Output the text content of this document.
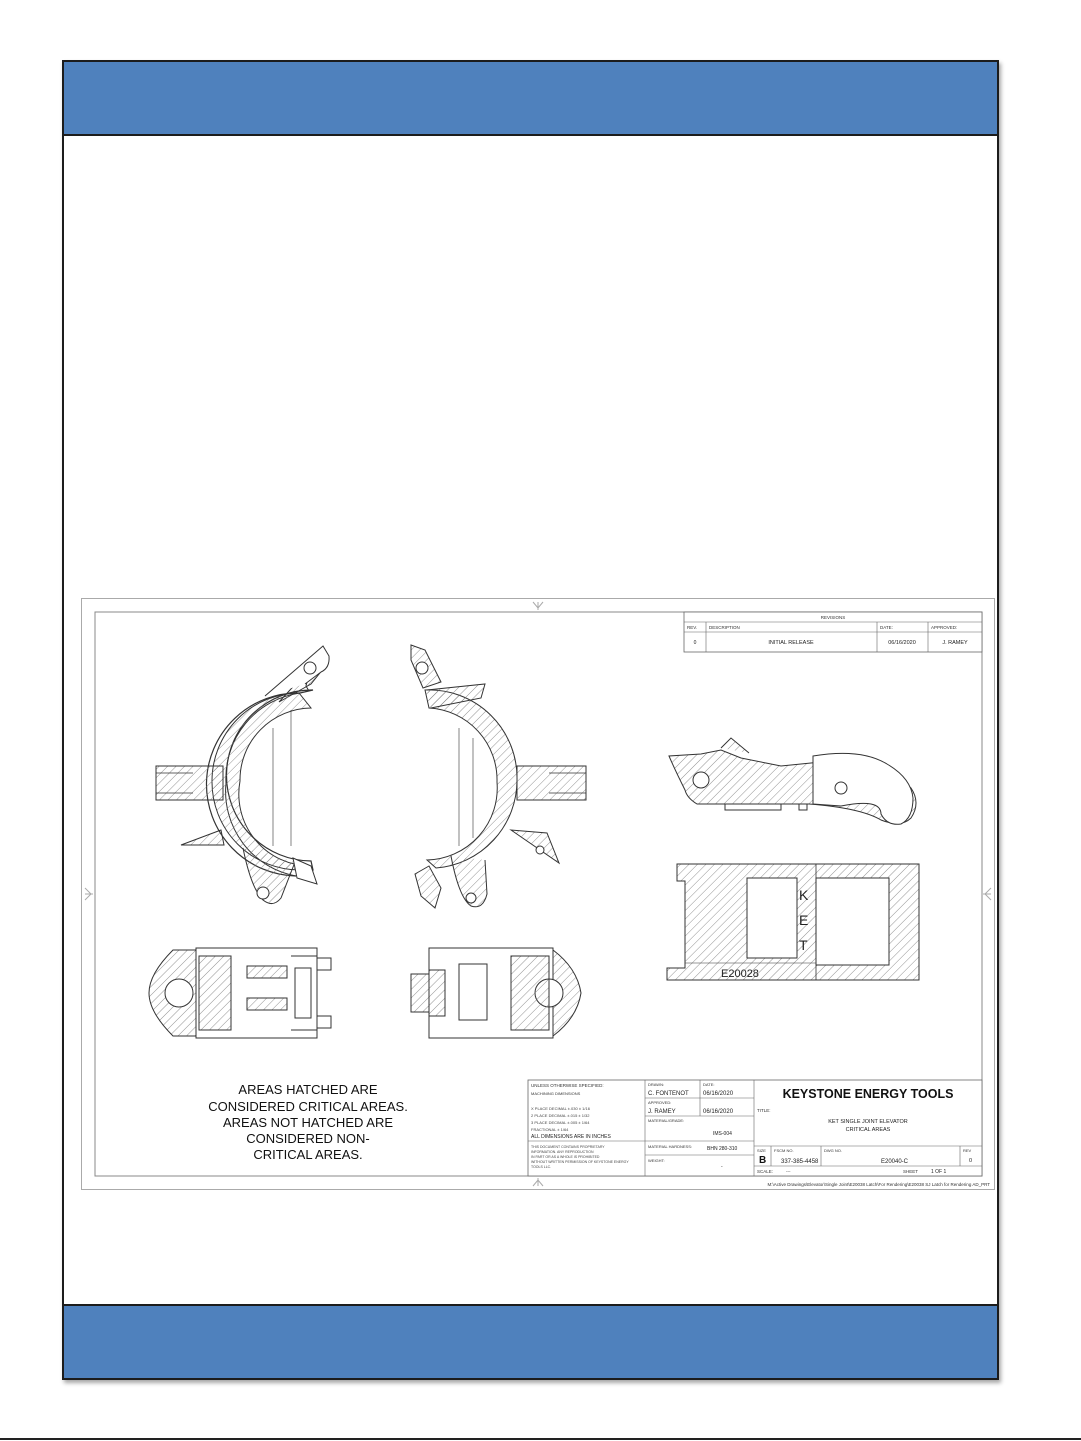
REVISIONS
REV.	DESCRIPTION	DATE:	APPROVED:
0	INITIAL RELEASE	06/16/2020	J. RAMEY
K
E
T
E20028
AREAS HATCHED ARE
CONSIDERED CRITICAL AREAS.
AREAS NOT HATCHED ARE
CONSIDERED NON-
CRITICAL AREAS.
UNLESS OTHERWISE SPECIFIED:
MACHINING DIMENSIONS
X PLACE DECIMAL ±.030 ± 1/16
2 PLACE DECIMAL ±.015 ± 1/32
3 PLACE DECIMAL ±.005 ± 1/64
FRACTIONAL ± 1/64
ALL DIMENSIONS ARE IN INCHES
THIS DOCUMENT CONTAINS PROPRIETARY
INFORMATION. ANY REPRODUCTION
IN PART OR AS A WHOLE IS PROHIBITED
WITHOUT WRITTEN PERMISSION OF KEYSTONE ENERGY
TOOLS LLC.
DRAWN:
C. FONTENOT
DATE:
06/16/2020
APPROVED:
J. RAMEY	06/16/2020
MATERIAL/GRADE:
IMS-004
MATERIAL HARDNESS:	BHN 280-310
WEIGHT:
-
KEYSTONE ENERGY TOOLS
TITLE:
KET SINGLE JOINT ELEVATOR
CRITICAL AREAS
SIZE
B
FSCM NO.
337-385-4458
DWG NO.
E20040-C
REV
0
SCALE:	---	SHEET	1 OF 1
M:\Active Drawings\Elevator\Single Joint\E20038 Latch\For Rendering\E20038 SJ Latch for Rendering AD_PRT
